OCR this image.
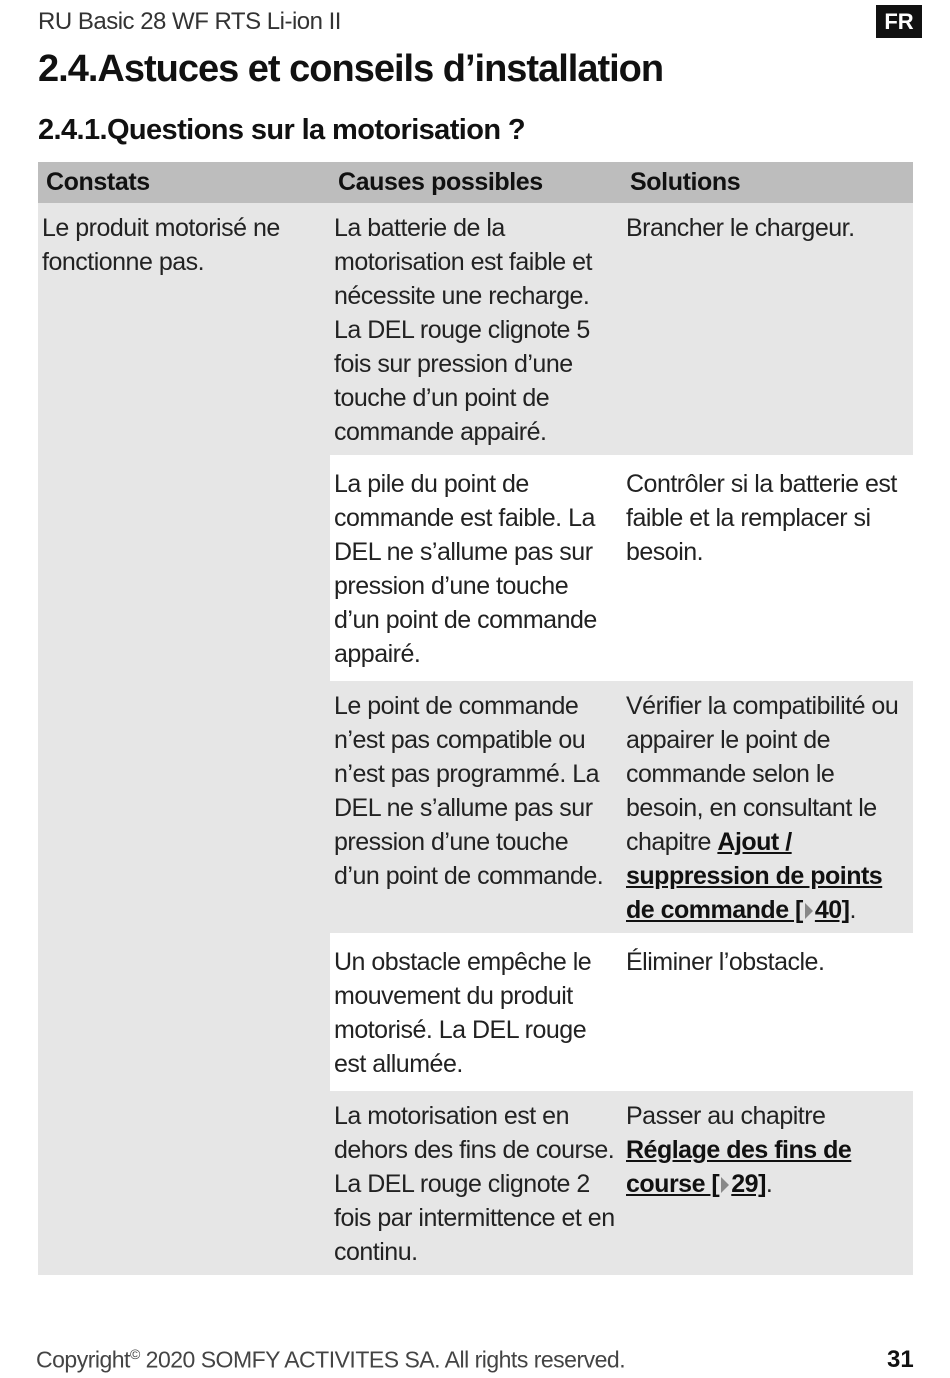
RU Basic 28 WF RTS Li-ion II	FR
2.4.Astuces et conseils d’installation
2.4.1.Questions sur la motorisation ?
Constats	Causes possibles	Solutions
Le produit motorisé ne fonctionne pas.	La batterie de la motorisation est faible et nécessite une recharge. La DEL rouge clignote 5 fois sur pression d’une touche d’un point de commande appairé.	Brancher le chargeur.
	La pile du point de commande est faible. La DEL ne s’allume pas sur pression d’une touche d’un point de commande appairé.	Contrôler si la batterie est faible et la remplacer si besoin.
	Le point de commande n’est pas compatible ou n’est pas programmé. La DEL ne s’allume pas sur pression d’une touche d’un point de commande.	Vérifier la compatibilité ou appairer le point de commande selon le besoin, en consultant le chapitre Ajout / suppression de points de commande [ 40].
	Un obstacle empêche le mouvement du produit motorisé. La DEL rouge est allumée.	Éliminer l’obstacle.
	La motorisation est en dehors des fins de course. La DEL rouge clignote 2 fois par intermittence et en continu.	Passer au chapitre Réglage des fins de course [ 29].
Copyright© 2020 SOMFY ACTIVITES SA. All rights reserved.	31
